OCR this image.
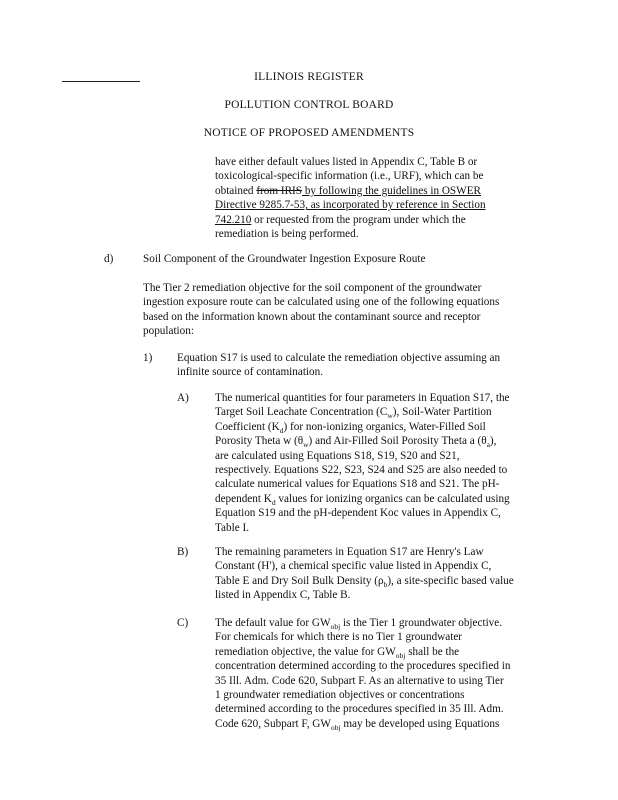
ILLINOIS REGISTER
POLLUTION CONTROL BOARD
NOTICE OF PROPOSED AMENDMENTS
have either default values listed in Appendix C, Table B or
toxicological-specific information (i.e., URF), which can be
obtained from IRIS by following the guidelines in OSWER
Directive 9285.7-53, as incorporated by reference in Section
742.210 or requested from the program under which the
remediation is being performed.
d)	Soil Component of the Groundwater Ingestion Exposure Route
The Tier 2 remediation objective for the soil component of the groundwater
ingestion exposure route can be calculated using one of the following equations
based on the information known about the contaminant source and receptor
population:
1) Equation S17 is used to calculate the remediation objective assuming an
infinite source of contamination.
A) The numerical quantities for four parameters in Equation S17, the
Target Soil Leachate Concentration $(C_w)$, Soil-Water Partition
Coefficient $(K_d)$ for non-ionizing organics, Water-Filled Soil
Porosity Theta w $(\theta_w)$ and Air-Filled Soil Porosity Theta a $(\theta_a)$,
are calculated using Equations S18, S19, S20 and S21,
respectively. Equations S22, S23, S24 and S25 are also needed to
calculate numerical values for Equations S18 and S21. The pH-
dependent $K_d$ values for ionizing organics can be calculated using
Equation S19 and the pH-dependent Koc values in Appendix C,
Table I.
B) The remaining parameters in Equation S17 are Henry's Law
Constant (H'), a chemical specific value listed in Appendix C,
Table E and Dry Soil Bulk Density $(\rho_b)$, a site-specific based value
listed in Appendix C, Table B.
C) The default value for $GW_{obj}$ is the Tier 1 groundwater objective.
For chemicals for which there is no Tier 1 groundwater
remediation objective, the value for $GW_{obj}$ shall be the
concentration determined according to the procedures specified in
35 Ill. Adm. Code 620, Subpart F. As an alternative to using Tier
1 groundwater remediation objectives or concentrations
determined according to the procedures specified in 35 Ill. Adm.
Code 620, Subpart F, $GW_{obj}$ may be developed using Equations
